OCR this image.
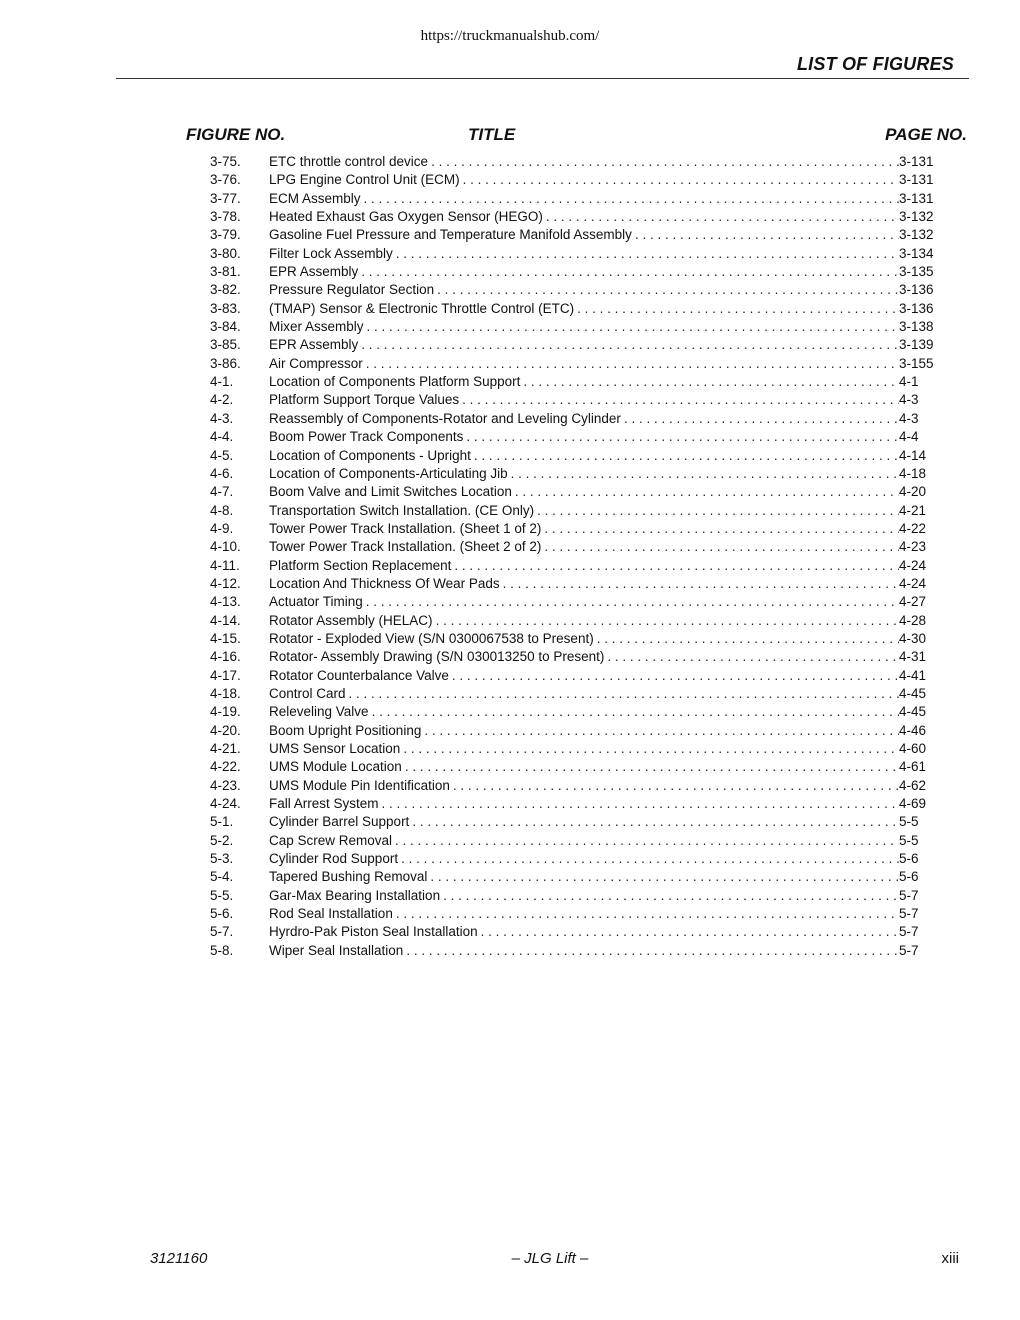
https://truckmanualshub.com/
LIST OF FIGURES
FIGURE NO.	TITLE	PAGE NO.
3-75. ETC throttle control device . . .	3-131
3-76. LPG Engine Control Unit (ECM) . . .	3-131
3-77. ECM Assembly . . .	3-131
3-78. Heated Exhaust Gas Oxygen Sensor (HEGO) . . .	3-132
3-79. Gasoline Fuel Pressure and Temperature Manifold Assembly . . .	3-132
3-80. Filter Lock Assembly . . .	3-134
3-81. EPR Assembly . . .	3-135
3-82. Pressure Regulator Section . . .	3-136
3-83. (TMAP) Sensor & Electronic Throttle Control (ETC) . . .	3-136
3-84. Mixer Assembly . . .	3-138
3-85. EPR Assembly . . .	3-139
3-86. Air Compressor . . .	3-155
4-1.	Location of Components Platform Support . . .	4-1
4-2.	Platform Support Torque Values . . .	4-3
4-3.	Reassembly of Components-Rotator and Leveling Cylinder . . .	4-3
4-4.	Boom Power Track Components . . .	4-4
4-5.	Location of Components - Upright . . .	4-14
4-6.	Location of Components-Articulating Jib . . .	4-18
4-7.	Boom Valve and Limit Switches Location . . .	4-20
4-8.	Transportation Switch Installation. (CE Only) . . .	4-21
4-9.	Tower Power Track Installation. (Sheet 1 of 2) . . .	4-22
4-10. Tower Power Track Installation. (Sheet 2 of 2) . . .	4-23
4-11. Platform Section Replacement . . .	4-24
4-12. Location And Thickness Of Wear Pads . . .	4-24
4-13. Actuator Timing . . .	4-27
4-14. Rotator Assembly (HELAC) . . .	4-28
4-15. Rotator - Exploded View (S/N 0300067538 to Present) . . .	4-30
4-16. Rotator- Assembly Drawing (S/N 030013250 to Present) . . .	4-31
4-17. Rotator Counterbalance Valve . . .	4-41
4-18. Control Card . . .	4-45
4-19. Releveling Valve . . .	4-45
4-20. Boom Upright Positioning . . .	4-46
4-21. UMS Sensor Location . . .	4-60
4-22. UMS Module Location . . .	4-61
4-23. UMS Module Pin Identification . . .	4-62
4-24. Fall Arrest System . . .	4-69
5-1.	Cylinder Barrel Support . . .	5-5
5-2.	Cap Screw Removal . . .	5-5
5-3.	Cylinder Rod Support . . .	5-6
5-4.	Tapered Bushing Removal . . .	5-6
5-5.	Gar-Max Bearing Installation . . .	5-7
5-6.	Rod Seal Installation . . .	5-7
5-7.	Hyrdro-Pak Piston Seal Installation . . .	5-7
5-8.	Wiper Seal Installation . . .	5-7
3121160	– JLG Lift –	xiii
